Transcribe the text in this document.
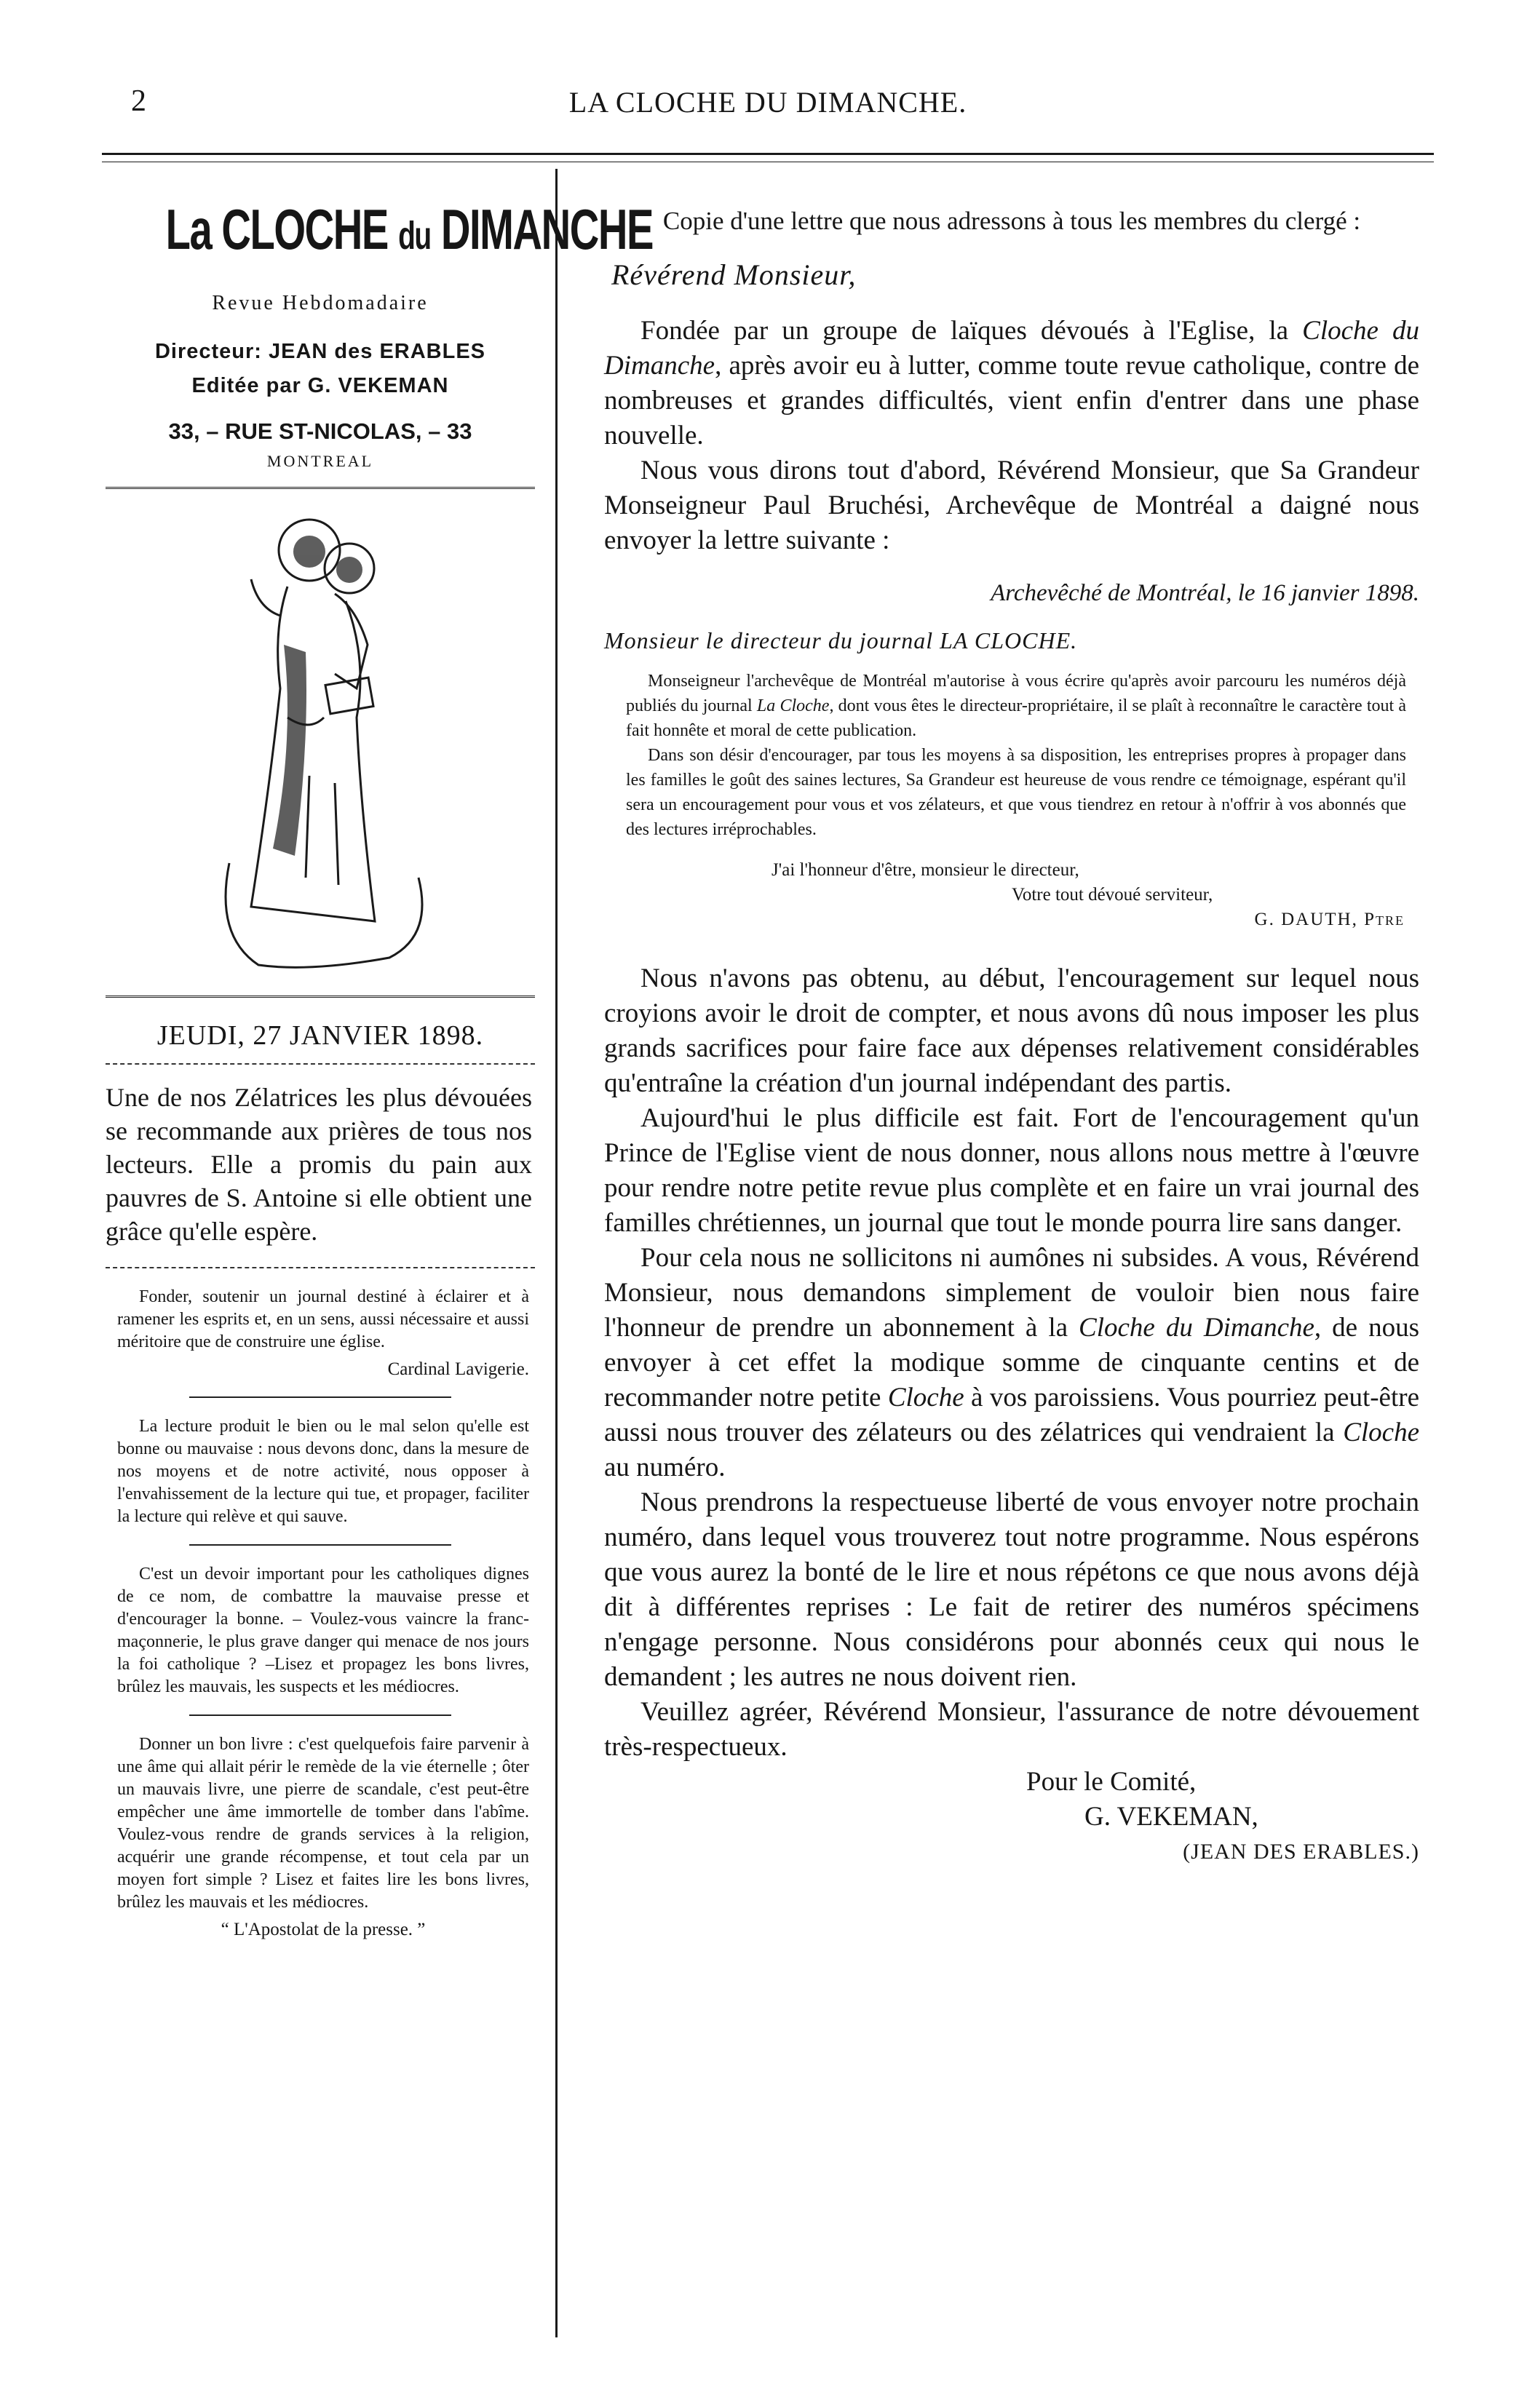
2	LA CLOCHE DU DIMANCHE.
La CLOCHE du DIMANCHE
Revue Hebdomadaire
Directeur: JEAN des ERABLES
Editée par G. VEKEMAN
33, – RUE ST-NICOLAS, – 33
MONTREAL
JEUDI, 27 JANVIER 1898.
Une de nos Zélatrices les plus dévouées se recommande aux prières de tous nos lecteurs. Elle a promis du pain aux pauvres de S. Antoine si elle obtient une grâce qu'elle espère.

Fonder, soutenir un journal destiné à éclairer et à ramener les esprits et, en un sens, aussi nécessaire et aussi méritoire que de construire une église.

Cardinal Lavigerie.

La lecture produit le bien ou le mal selon qu'elle est bonne ou mauvaise : nous devons donc, dans la mesure de nos moyens et de notre activité, nous opposer à l'envahissement de la lecture qui tue, et propager, faciliter la lecture qui relève et qui sauve.

C'est un devoir important pour les catholiques dignes de ce nom, de combattre la mauvaise presse et d'encourager la bonne. – Voulez-vous vaincre la franc-maçonnerie, le plus grave danger qui menace de nos jours la foi catholique ? –Lisez et propagez les bons livres, brûlez les mauvais, les suspects et les médiocres.

Donner un bon livre : c'est quelquefois faire parvenir à une âme qui allait périr le remède de la vie éternelle ; ôter un mauvais livre, une pierre de scandale, c'est peut-être empêcher une âme immortelle de tomber dans l'abîme. Voulez-vous rendre de grands services à la religion, acquérir une grande récompense, et tout cela par un moyen fort simple ? Lisez et faites lire les bons livres, brûlez les mauvais et les médiocres.

“ L'Apostolat de la presse. ”
Copie d'une lettre que nous adressons à tous les membres du clergé :
Révérend Monsieur,

Fondée par un groupe de laïques dévoués à l'Eglise, la Cloche du Dimanche, après avoir eu à lutter, comme toute revue catholique, contre de nombreuses et grandes difficultés, vient enfin d'entrer dans une phase nouvelle.

Nous vous dirons tout d'abord, Révérend Monsieur, que Sa Grandeur Monseigneur Paul Bruchési, Archevêque de Montréal a daigné nous envoyer la lettre suivante :

Archevêché de Montréal, le 16 janvier 1898.
Monsieur le directeur du journal LA CLOCHE.

Monseigneur l'archevêque de Montréal m'autorise à vous écrire qu'après avoir parcouru les numéros déjà publiés du journal La Cloche, dont vous êtes le directeur-propriétaire, il se plaît à reconnaître le caractère tout à fait honnête et moral de cette publication.

Dans son désir d'encourager, par tous les moyens à sa disposition, les entreprises propres à propager dans les familles le goût des saines lectures, Sa Grandeur est heureuse de vous rendre ce témoignage, espérant qu'il sera un encouragement pour vous et vos zélateurs, et que vous tiendrez en retour à n'offrir à vos abonnés que des lectures irréprochables.

J'ai l'honneur d'être, monsieur le directeur,
Votre tout dévoué serviteur,
G. DAUTH, Ptre

Nous n'avons pas obtenu, au début, l'encouragement sur lequel nous croyions avoir le droit de compter, et nous avons dû nous imposer les plus grands sacrifices pour faire face aux dépenses relativement considérables qu'entraîne la création d'un journal indépendant des partis.

Aujourd'hui le plus difficile est fait. Fort de l'encouragement qu'un Prince de l'Eglise vient de nous donner, nous allons nous mettre à l'œuvre pour rendre notre petite revue plus complète et en faire un vrai journal des familles chrétiennes, un journal que tout le monde pourra lire sans danger.

Pour cela nous ne sollicitons ni aumônes ni subsides. A vous, Révérend Monsieur, nous demandons simplement de vouloir bien nous faire l'honneur de prendre un abonnement à la Cloche du Dimanche, de nous envoyer à cet effet la modique somme de cinquante centins et de recommander notre petite Cloche à vos paroissiens. Vous pourriez peut-être aussi nous trouver des zélateurs ou des zélatrices qui vendraient la Cloche au numéro.

Nous prendrons la respectueuse liberté de vous envoyer notre prochain numéro, dans lequel vous trouverez tout notre programme. Nous espérons que vous aurez la bonté de le lire et nous répétons ce que nous avons déjà dit à différentes reprises : Le fait de retirer des numéros spécimens n'engage personne. Nous considérons pour abonnés ceux qui nous le demandent ; les autres ne nous doivent rien.

Veuillez agréer, Révérend Monsieur, l'assurance de notre dévouement très-respectueux.

Pour le Comité,
G. VEKEMAN,
(JEAN DES ERABLES.)
